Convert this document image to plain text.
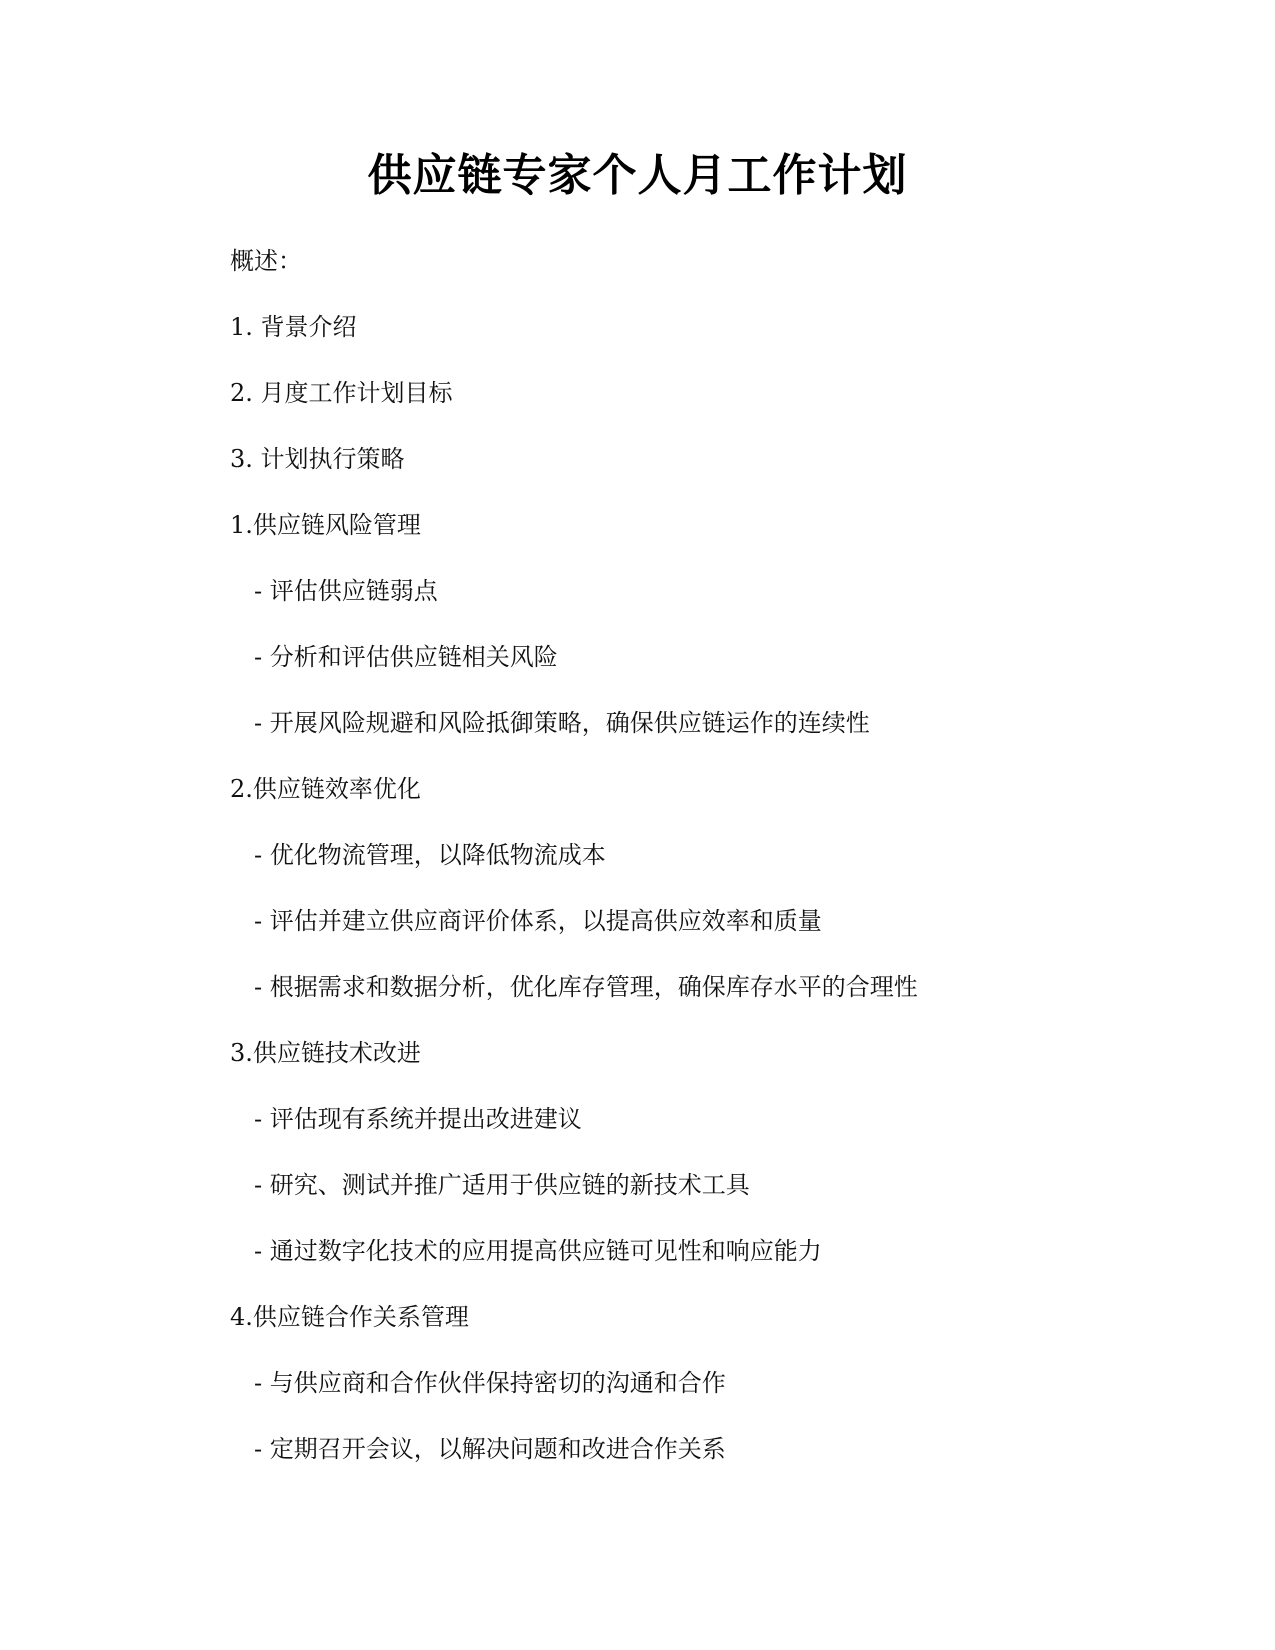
供应链专家个人月工作计划
概述：
1. 背景介绍
2. 月度工作计划目标
3. 计划执行策略
1.供应链风险管理
- 评估供应链弱点
- 分析和评估供应链相关风险
- 开展风险规避和风险抵御策略，确保供应链运作的连续性
2.供应链效率优化
- 优化物流管理，以降低物流成本
- 评估并建立供应商评价体系，以提高供应效率和质量
- 根据需求和数据分析，优化库存管理，确保库存水平的合理性
3.供应链技术改进
- 评估现有系统并提出改进建议
- 研究、测试并推广适用于供应链的新技术工具
- 通过数字化技术的应用提高供应链可见性和响应能力
4.供应链合作关系管理
- 与供应商和合作伙伴保持密切的沟通和合作
- 定期召开会议，以解决问题和改进合作关系
